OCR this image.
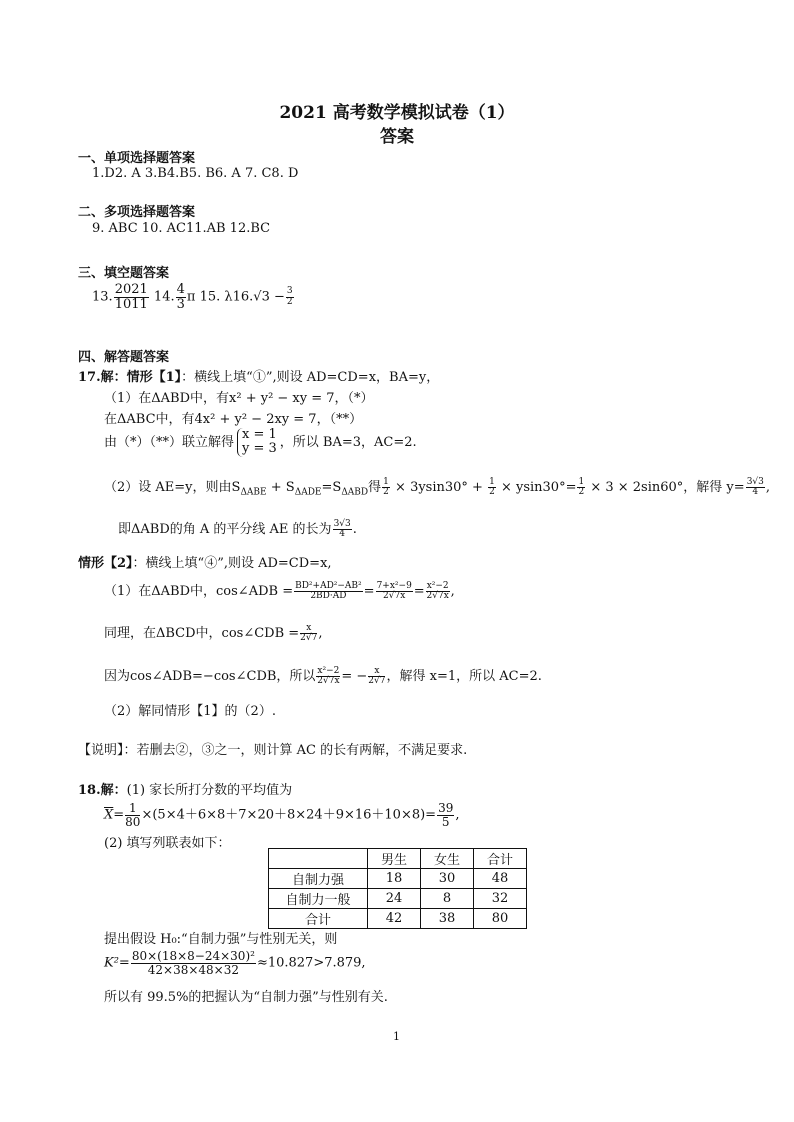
2021 高考数学模拟试卷（1）
答案
一、单项选择题答案
1.D2. A 3.B4.B5. B6. A 7. C8. D
二、多项选择题答案
9. ABC 10. AC11.AB 12.BC
三、填空题答案
13. $\frac{2021}{1011} 14$. $\frac{4}{3}$ π 15. $\lambda 16.√3 - \frac{3}{2}$
四、解答题答案
17.解：情形【1】：横线上填“①”,则设 AD=CD=x，BA=y，
（1）在ΔABD中，有x² + y² − xy = 7，（*）
在ΔABC中，有4x² + y² − 2xy = 7，（**）
由（*）（**）联立解得
x = 1
y = 3 ，所以 BA=3，AC=2.
（2）设 AE=y，则由$S_{\Delta ABE} + S_{\Delta ADE}=S_{\Delta ABD}$得 $\frac{1}{2} \times 3ysin30^\circ + \frac{1}{2} \times ysin30^\circ= \frac{1}{2} \times 3 \times 2\sin 60^\circ$，解得 $y= \frac{3√3}{4}$ ,
即ΔABD的角 A 的平分线 AE 的长为 $\frac{3√3}{4}$ .
情形【2】：横线上填“④”,则设 AD=CD=x,
（1）在ΔABD中，cos∠ADB = $\frac{\text{BD²+AD²−AB²}}{2BD\cdot AD} = \frac{\text{7+x²−9}}{2√7x} = \frac{\text{x²−2}}{2√7x}$ ,
同理，在ΔBCD中，cos∠CDB = $\frac{x}{2√7}$ ,
因为cos∠ADB=−cos∠CDB，所以 $\frac{\text{x²−2}}{2√7x}$ = − $\frac{x}{2√7}$ ，解得 x=1，所以 AC=2.
（2）解同情形【1】的（2）.
【说明】：若删去②，③之一，则计算 AC 的长有两解，不满足要求.
18.解：(1) 家长所打分数的平均值为
$\overline{X}= \frac{1}{80} \times(5\times 4+6\times 8+7\times 20+8\times 24+9\times 16+10\times 8)= \frac{39}{5}$ ,
(2) 填写列联表如下：
	男生	女生	合计
自制力强	18	30	48
自制力一般	24	8	32
合计	42	38	80
提出假设 H₀:“自制力强”与性别无关，则
$K^2= \frac{\text{80×(18×8−24×30)²}}{42\times 38\times 48\times 32} \approx 10.827>7.879$,
所以有 99.5%的把握认为“自制力强”与性别有关.
1
